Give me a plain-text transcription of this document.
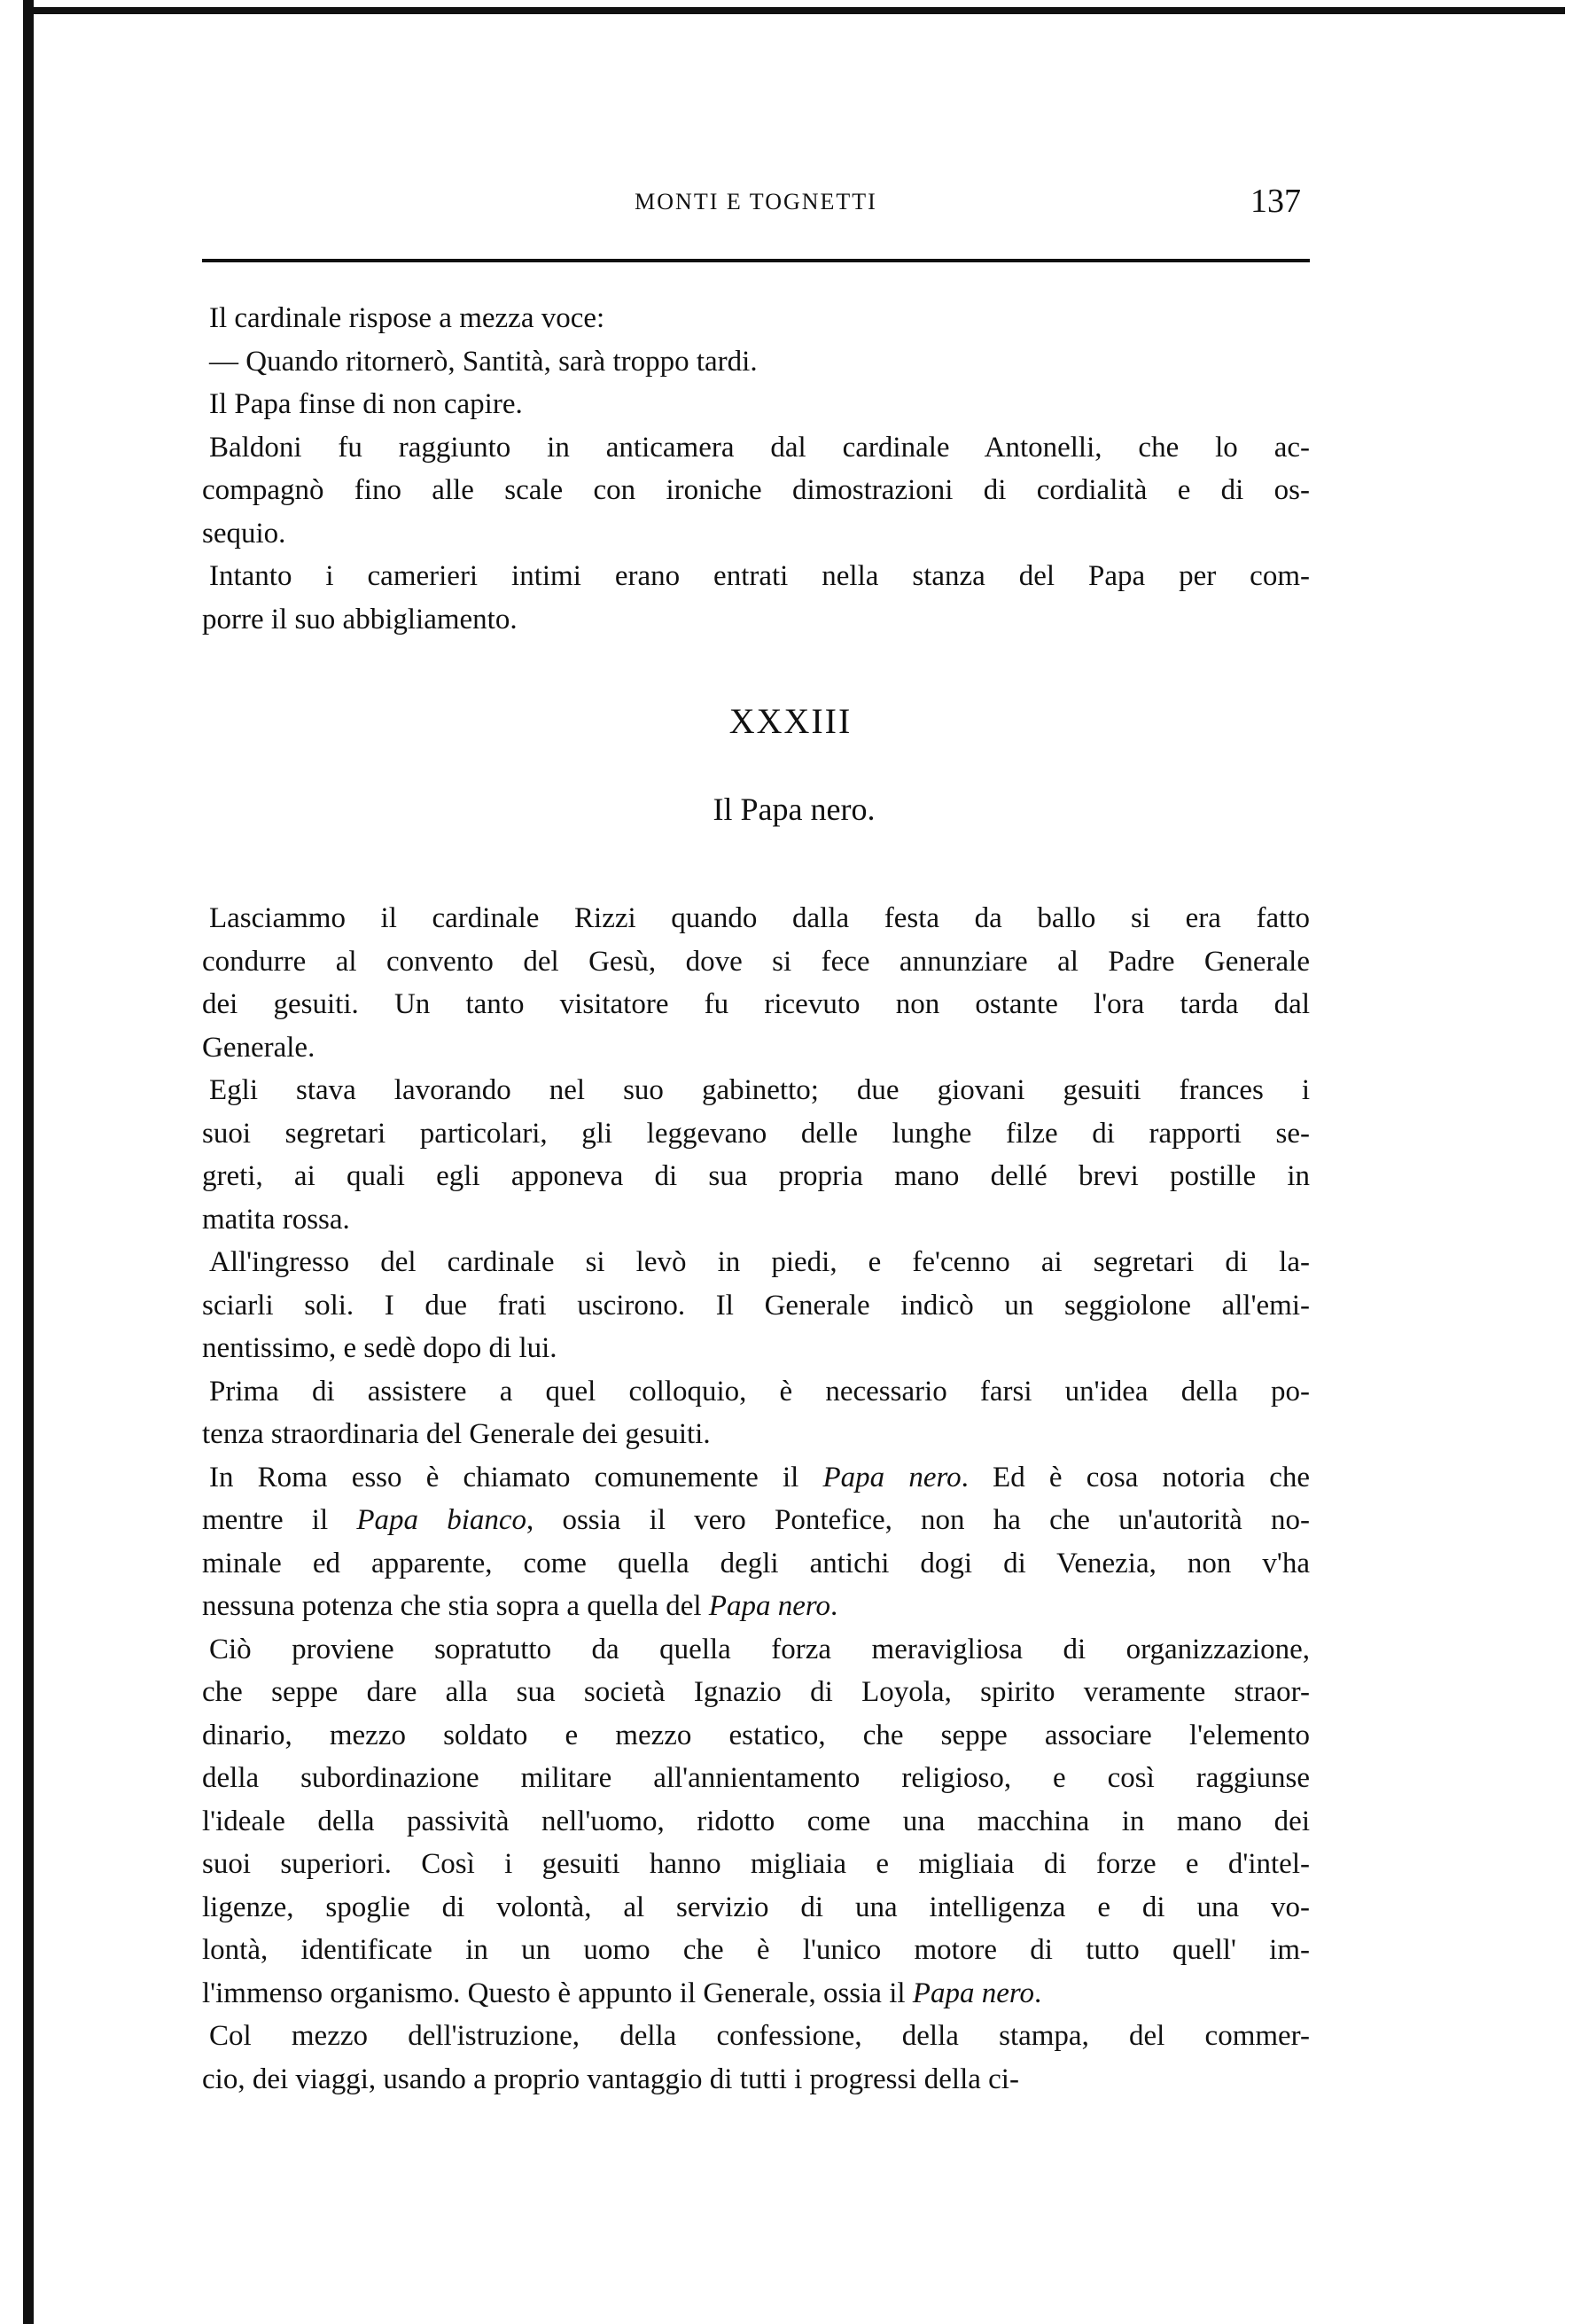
MONTI E TOGNETTI	137
Il cardinale rispose a mezza voce:
— Quando ritornerò, Santità, sarà troppo tardi.
Il Papa finse di non capire.
Baldoni fu raggiunto in anticamera dal cardinale Antonelli, che lo ac-
compagnò fino alle scale con ironiche dimostrazioni di cordialità e di os-
sequio.
Intanto i camerieri intimi erano entrati nella stanza del Papa per com-
porre il suo abbigliamento.
XXXIII
Il Papa nero.
Lasciammo il cardinale Rizzi quando dalla festa da ballo si era fatto
condurre al convento del Gesù, dove si fece annunziare al Padre Generale
dei gesuiti. Un tanto visitatore fu ricevuto non ostante l'ora tarda dal
Generale.
Egli stava lavorando nel suo gabinetto; due giovani gesuiti frances i
suoi segretari particolari, gli leggevano delle lunghe filze di rapporti se-
greti, ai quali egli apponeva di sua propria mano dellé brevi postille in
matita rossa.
All'ingresso del cardinale si levò in piedi, e fe'cenno ai segretari di la-
sciarli soli. I due frati uscirono. Il Generale indicò un seggiolone all'emi-
nentissimo, e sedè dopo di lui.
Prima di assistere a quel colloquio, è necessario farsi un'idea della po-
tenza straordinaria del Generale dei gesuiti.
In Roma esso è chiamato comunemente il Papa nero. Ed è cosa notoria che
mentre il Papa bianco, ossia il vero Pontefice, non ha che un'autorità no-
minale ed apparente, come quella degli antichi dogi di Venezia, non v'ha
nessuna potenza che stia sopra a quella del Papa nero.
Ciò proviene sopratutto da quella forza meravigliosa di organizzazione,
che seppe dare alla sua società Ignazio di Loyola, spirito veramente straor-
dinario, mezzo soldato e mezzo estatico, che seppe associare l'elemento
della subordinazione militare all'annientamento religioso, e così raggiunse
l'ideale della passività nell'uomo, ridotto come una macchina in mano dei
suoi superiori. Così i gesuiti hanno migliaia e migliaia di forze e d'intel-
ligenze, spoglie di volontà, al servizio di una intelligenza e di una vo-
lontà, identificate in un uomo che è l'unico motore di tutto quell' im-
l'immenso organismo. Questo è appunto il Generale, ossia il Papa nero.
Col mezzo dell'istruzione, della confessione, della stampa, del commer-
cio, dei viaggi, usando a proprio vantaggio di tutti i progressi della ci-
